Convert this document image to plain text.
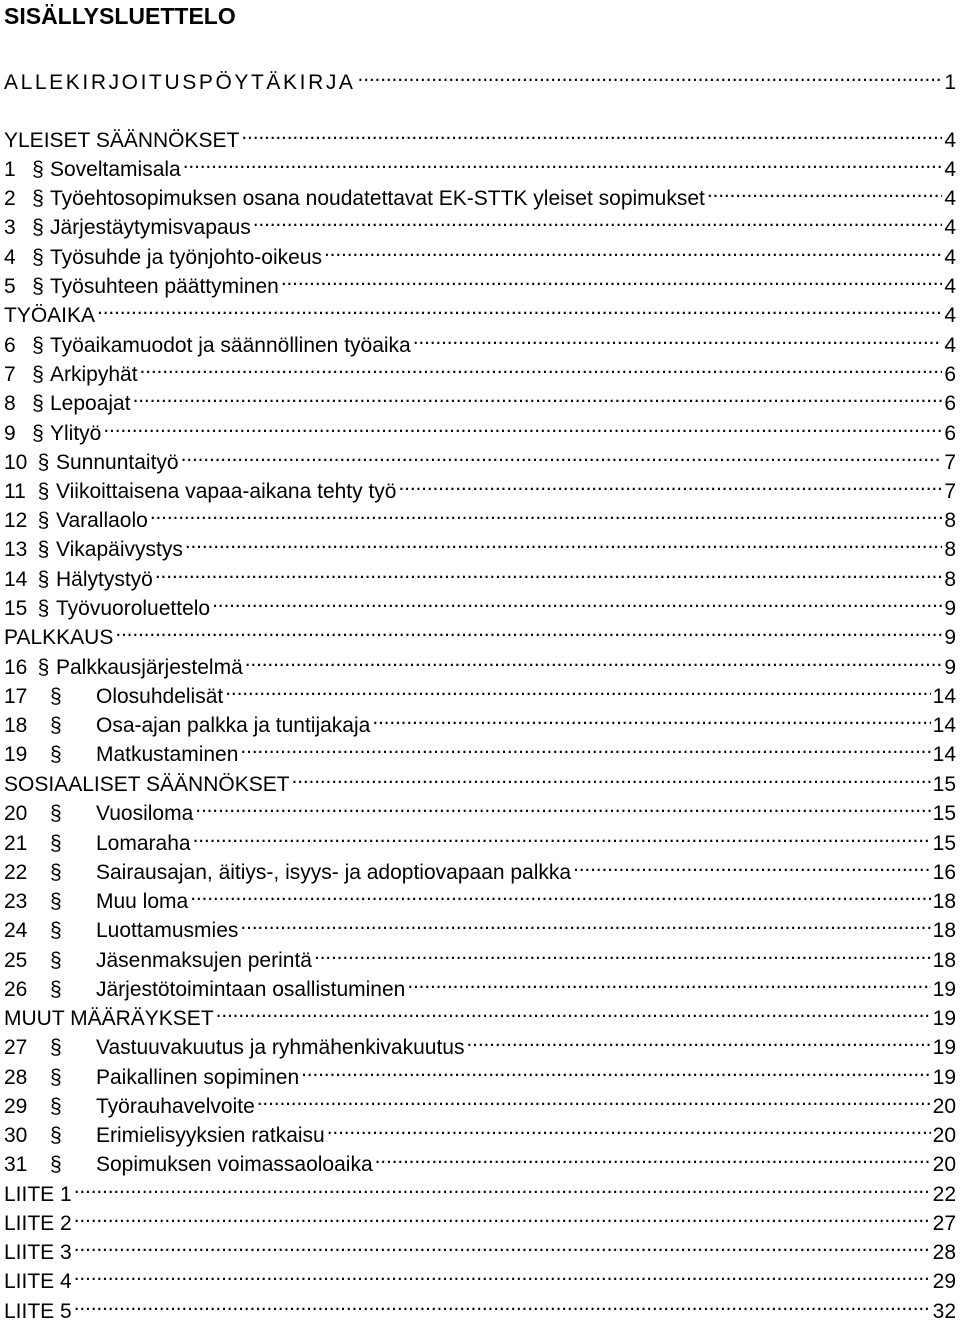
SISÄLLYSLUETTELO
ALLEKIRJOITUSPÖYTÄKIRJA . . .	1
YLEISET SÄÄNNÖKSET . . .	4
1 § Soveltamisala . . .	4
2 § Työehtosopimuksen osana noudatettavat EK-STTK yleiset sopimukset . . .	4
3 § Järjestäytymisvapaus . . .	4
4 § Työsuhde ja työnjohto-oikeus . . .	4
5 § Työsuhteen päättyminen . . .	4
TYÖAIKA . . .	4
6 § Työaikamuodot ja säännöllinen työaika . . .	4
7 § Arkipyhät . . .	6
8 § Lepoajat . . .	6
9 § Ylityö . . .	6
10 § Sunnuntaityö . . .	7
11 § Viikoittaisena vapaa-aikana tehty työ . . .	7
12 § Varallaolo . . .	8
13 § Vikapäivystys . . .	8
14 § Hälytystyö . . .	8
15 § Työvuoroluettelo . . .	9
PALKKAUS . . .	9
16 § Palkkausjärjestelmä . . .	9
17	§	Olosuhdelisät . . .	14
18	§	Osa-ajan palkka ja tuntijakaja . . .	14
19	§	Matkustaminen . . .	14
SOSIAALISET SÄÄNNÖKSET . . .	15
20	§	Vuosiloma . . .	15
21	§	Lomaraha . . .	15
22	§	Sairausajan, äitiys-, isyys- ja adoptiovapaan palkka . . .	16
23	§	Muu loma . . .	18
24	§	Luottamusmies . . .	18
25	§	Jäsenmaksujen perintä . . .	18
26	§	Järjestötoimintaan osallistuminen . . .	19
MUUT MÄÄRÄYKSET . . .	19
27	§	Vastuuvakuutus ja ryhmähenkivakuutus . . .	19
28	§	Paikallinen sopiminen . . .	19
29	§	Työrauhavelvoite . . .	20
30	§	Erimielisyyksien ratkaisu . . .	20
31	§	Sopimuksen voimassaoloaika . . .	20
LIITE 1 . . .	22
LIITE 2 . . .	27
LIITE 3 . . .	28
LIITE 4 . . .	29
LIITE 5 . . .	32
